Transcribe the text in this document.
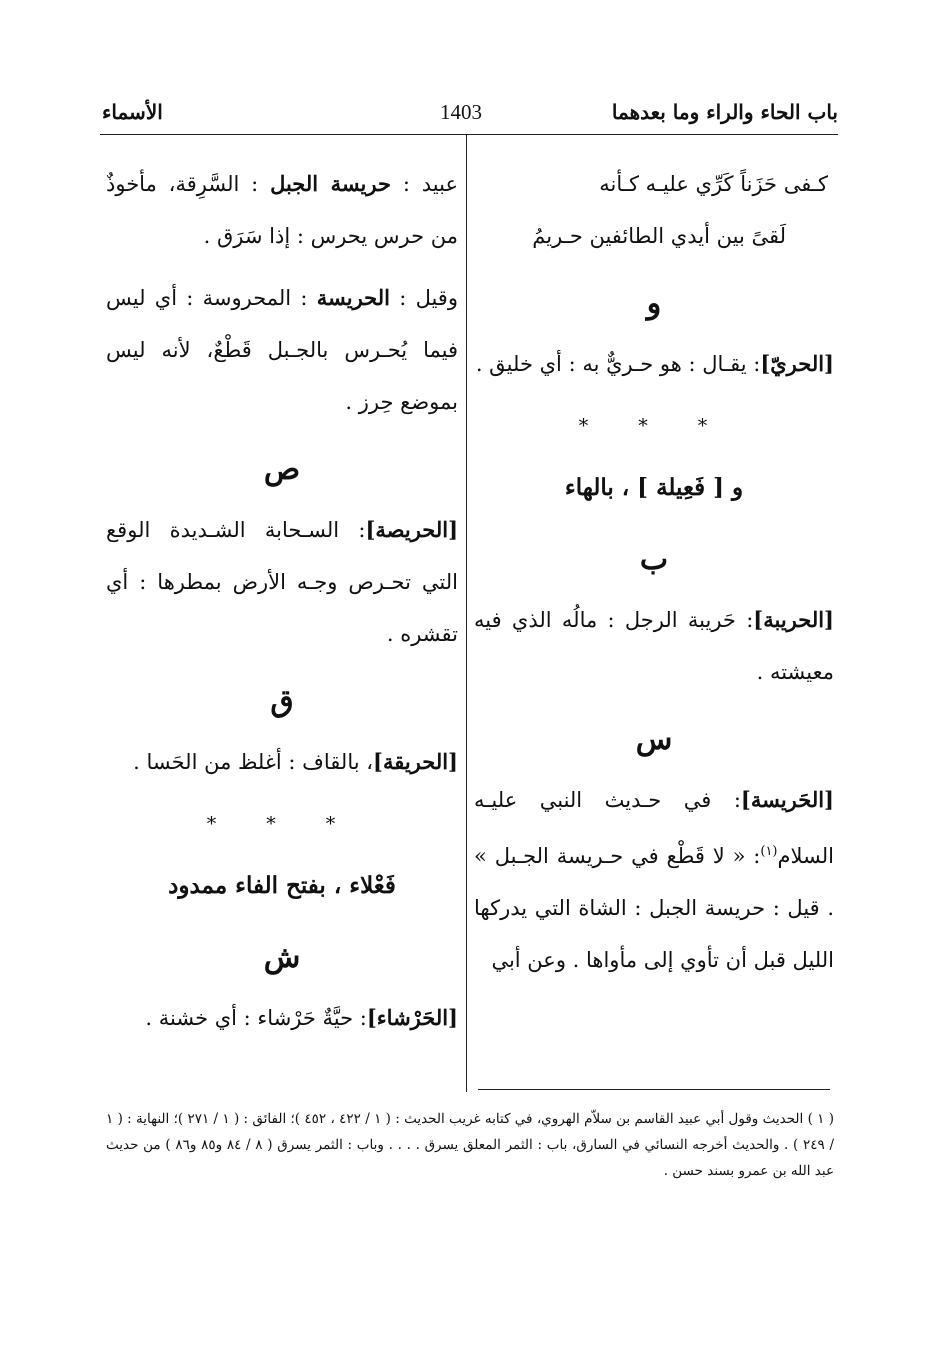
باب الحاء والراء وما بعدهما
1403
الأسماء

كـفى حَزَناً كَرِّي عليـه كـأنه

لَقىً بين أيدي الطائفين حـريمُ

و

[الحريّ]: يقـال : هو حـريٌّ به : أي خليق .

* * *
و [ فَعِيلة ] ، بالهاء
ب

[الحريبة]: حَريبة الرجل : مالُه الذي فيه معيشته .

س

[الحَريسة]: في حـديث النبي عليـه السلام$^{(١)}$: « لا قَطْع في حـريسة الجـبل » . قيل : حريسة الجبل : الشاة التي يدركها الليل قبل أن تأوي إلى مأواها . وعن أبي

عبيد : حريسة الجبل : السَّرِقة، مأخوذٌ من حرس يحرس : إذا سَرَق .

وقيل : الحريسة : المحروسة : أي ليس فيما يُحـرس بالجـبل قَطْعٌ، لأنه ليس بموضع حِرز .

ص

[الحريصة]: السـحابة الشـديدة الوقع التي تحـرص وجـه الأرض بمطرها : أي تقشره .

ق

[الحريقة]، بالقاف : أغلظ من الحَسا .

* * *
فَعْلاء ، بفتح الفاء ممدود
ش

[الحَرْشاء]: حيَّةٌ حَرْشاء : أي خشنة .

( ١ ) الحديث وقول أبي عبيد القاسم بن سلاّم الهروي، في كتابه غريب الحديث : ( ١ / ٤٢٢ ، ٤٥٢ )؛ الفائق : ( ١ / ٢٧١ )؛ النهاية : ( ١ / ٢٤٩ ) . والحديث أخرجه النسائي في السارق، باب : الثمر المعلق يسرق . . . . وباب : الثمر يسرق ( ٨ / ٨٤ و٨٥ و٨٦ ) من حديث عبد الله بن عمرو بسند حسن .
